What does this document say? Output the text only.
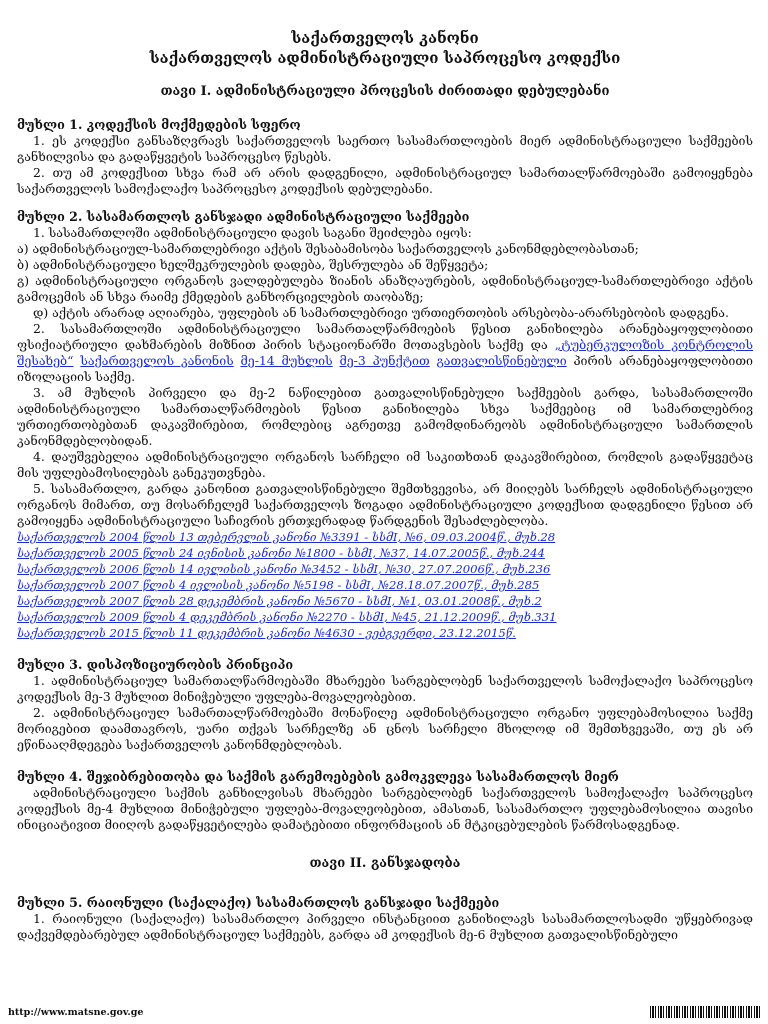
საქართველოს კანონი
საქართველოს ადმინისტრაციული საპროცესო კოდექსი
თავი I. ადმინისტრაციული პროცესის ძირითადი დებულებანი
მუხლი 1. კოდექსის მოქმედების სფერო
1. ეს კოდექსი განსაზღვრავს საქართველოს საერთო სასამართლოების მიერ ადმინისტრაციული საქმეების განხილვისა და გადაწყვეტის საპროცესო წესებს.
2. თუ ამ კოდექსით სხვა რამ არ არის დადგენილი, ადმინისტრაციულ სამართალწარმოებაში გამოიყენება საქართველოს სამოქალაქო საპროცესო კოდექსის დებულებანი.
მუხლი 2. სასამართლოს განსჯადი ადმინისტრაციული საქმეები
1. სასამართლოში ადმინისტრაციული დავის საგანი შეიძლება იყოს:
ა) ადმინისტრაციულ-სამართლებრივი აქტის შესაბამისობა საქართველოს კანონმდებლობასთან;
ბ) ადმინისტრაციული ხელშეკრულების დადება, შესრულება ან შეწყვეტა;
გ) ადმინისტრაციული ორგანოს ვალდებულება ზიანის ანაზღაურების, ადმინისტრაციულ-სამართლებრივი აქტის გამოცემის ან სხვა რაიმე ქმედების განხორციელების თაობაზე;
დ) აქტის არარად აღიარება, უფლების ან სამართლებრივი ურთიერთობის არსებობა-არარსებობის დადგენა.
2. სასამართლოში ადმინისტრაციული სამართალწარმოების წესით განიხილება არანებაყოფლობითი ფსიქიატრიული დახმარების მიზნით პირის სტაციონარში მოთავსების საქმე და „ტუბერკულოზის კონტროლის შესახებ“ საქართველოს კანონის მე-14 მუხლის მე-3 პუნქტით გათვალისწინებული პირის არანებაყოფლობითი იზოლაციის საქმე.
3. ამ მუხლის პირველი და მე-2 ნაწილებით გათვალისწინებული საქმეების გარდა, სასამართლოში ადმინისტრაციული სამართალწარმოების წესით განიხილება სხვა საქმეებიც იმ სამართლებრივ ურთიერთობებთან დაკავშირებით, რომლებიც აგრეთვე გამომდინარეობს ადმინისტრაციული სამართლის კანონმდებლობიდან.
4. დაუშვებელია ადმინისტრაციული ორგანოს სარჩელი იმ საკითხთან დაკავშირებით, რომლის გადაწყვეტაც მის უფლებამოსილებას განეკუთვნება.
5. სასამართლო, გარდა კანონით გათვალისწინებული შემთხვევისა, არ მიიღებს სარჩელს ადმინისტრაციული ორგანოს მიმართ, თუ მოსარჩელემ საქართველოს ზოგადი ადმინისტრაციული კოდექსით დადგენილი წესით არ გამოიყენა ადმინისტრაციული საჩივრის ერთჯერადად წარდგენის შესაძლებლობა.
საქართველოს 2004 წლის 13 თებერვლის კანონი №3391 - სსმI, №6, 09.03.2004წ., მუხ.28
საქართველოს 2005 წლის 24 ივნისის კანონი №1800 - სსმI, №37, 14.07.2005წ., მუხ.244
საქართველოს 2006 წლის 14 ივლისის კანონი №3452 - სსმI, №30, 27.07.2006წ., მუხ.236
საქართველოს 2007 წლის 4 ივლისის კანონი №5198 - სსმI, №28.18.07.2007წ., მუხ.285
საქართველოს 2007 წლის 28 დეკემბრის კანონი №5670 - სსმI, №1, 03.01.2008წ., მუხ.2
საქართველოს 2009 წლის 4 დეკემბრის კანონი №2270 - სსმI, №45, 21.12.2009წ., მუხ.331
საქართველოს 2015 წლის 11 დეკემბრის კანონი №4630 - ვებგვერდი, 23.12.2015წ.
მუხლი 3. დისპოზიციურობის პრინციპი
1. ადმინისტრაციულ სამართალწარმოებაში მხარეები სარგებლობენ საქართველოს სამოქალაქო საპროცესო კოდექსის მე-3 მუხლით მინიჭებული უფლება-მოვალეობებით.
2. ადმინისტრაციულ სამართალწარმოებაში მონაწილე ადმინისტრაციული ორგანო უფლებამოსილია საქმე მორიგებით დაამთავროს, უარი თქვას სარჩელზე ან ცნოს სარჩელი მხოლოდ იმ შემთხვევაში, თუ ეს არ ეწინააღმდეგება საქართველოს კანონმდებლობას.
მუხლი 4. შეჯიბრებითობა და საქმის გარემოებების გამოკვლევა სასამართლოს მიერ
ადმინისტრაციული საქმის განხილვისას მხარეები სარგებლობენ საქართველოს სამოქალაქო საპროცესო კოდექსის მე-4 მუხლით მინიჭებული უფლება-მოვალეობებით, ამასთან, სასამართლო უფლებამოსილია თავისი ინიციატივით მიიღოს გადაწყვეტილება დამატებითი ინფორმაციის ან მტკიცებულების წარმოსადგენად.
თავი II. განსჯადობა
მუხლი 5. რაიონული (საქალაქო) სასამართლოს განსჯადი საქმეები
1. რაიონული (საქალაქო) სასამართლო პირველი ინსტანციით განიხილავს სასამართლოსადმი უწყებრივად დაქვემდებარებულ ადმინისტრაციულ საქმეებს, გარდა ამ კოდექსის მე-6 მუხლით გათვალისწინებული
http://www.matsne.gov.ge
